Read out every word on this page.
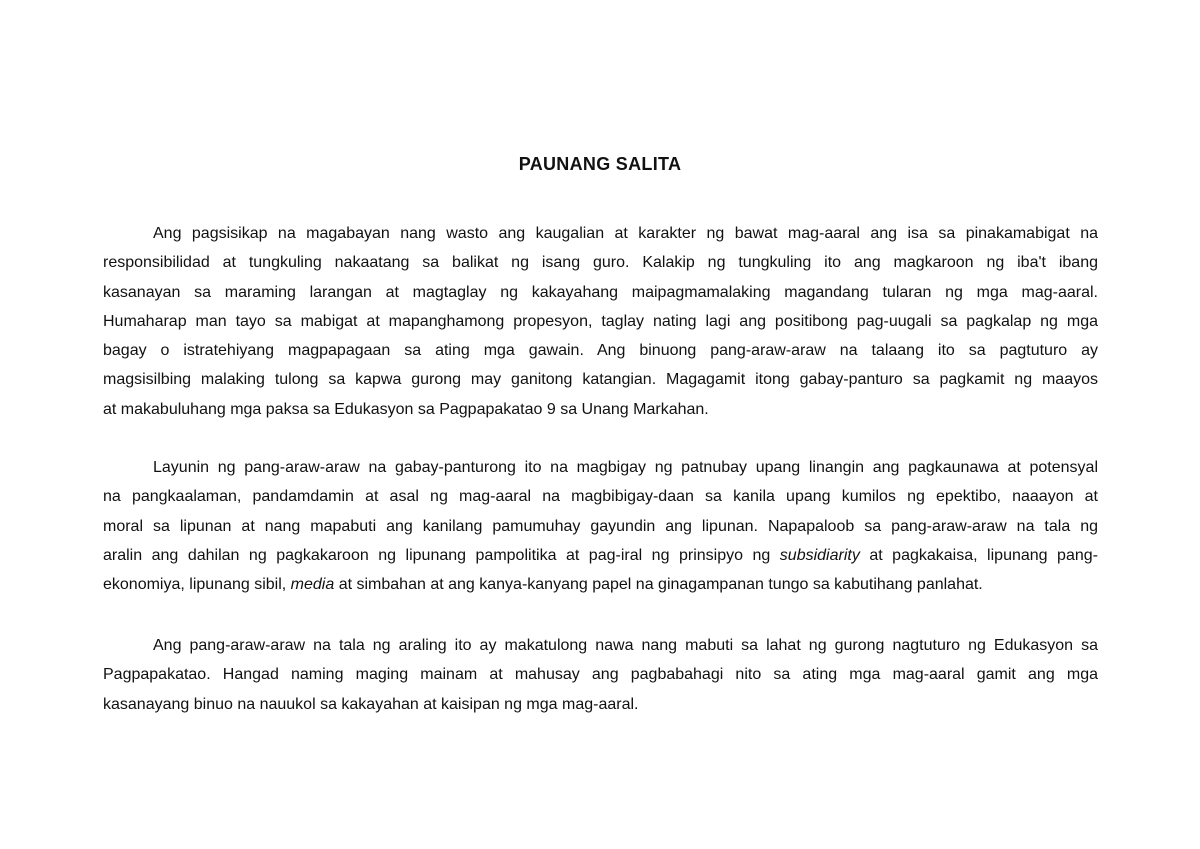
PAUNANG SALITA
Ang pagsisikap na magabayan nang wasto ang kaugalian at karakter ng bawat mag-aaral ang isa sa pinakamabigat na
responsibilidad at tungkuling nakaatang sa balikat ng isang guro. Kalakip ng tungkuling ito ang magkaroon ng iba't ibang
kasanayan sa maraming larangan at magtaglay ng kakayahang maipagmamalaking magandang tularan ng mga mag-aaral.
Humaharap man tayo sa mabigat at mapanghamong propesyon, taglay nating lagi ang positibong pag-uugali sa pagkalap ng mga
bagay o istratehiyang magpapagaan sa ating mga gawain. Ang binuong pang-araw-araw na talaang ito sa pagtuturo ay
magsisilbing malaking tulong sa kapwa gurong may ganitong katangian. Magagamit itong gabay-panturo sa pagkamit ng maayos
at makabuluhang mga paksa sa Edukasyon sa Pagpapakatao 9 sa Unang Markahan.
Layunin ng pang-araw-araw na gabay-panturong ito na magbigay ng patnubay upang linangin ang pagkaunawa at potensyal
na pangkaalaman, pandamdamin at asal ng mag-aaral na magbibigay-daan sa kanila upang kumilos ng epektibo, naaayon at
moral sa lipunan at nang mapabuti ang kanilang pamumuhay gayundin ang lipunan. Napapaloob sa pang-araw-araw na tala ng
aralin ang dahilan ng pagkakaroon ng lipunang pampolitika at pag-iral ng prinsipyo ng subsidiarity at pagkakaisa, lipunang pang-
ekonomiya, lipunang sibil, media at simbahan at ang kanya-kanyang papel na ginagampanan tungo sa kabutihang panlahat.
Ang pang-araw-araw na tala ng araling ito ay makatulong nawa nang mabuti sa lahat ng gurong nagtuturo ng Edukasyon sa
Pagpapakatao. Hangad naming maging mainam at mahusay ang pagbabahagi nito sa ating mga mag-aaral gamit ang mga
kasanayang binuo na nauukol sa kakayahan at kaisipan ng mga mag-aaral.
